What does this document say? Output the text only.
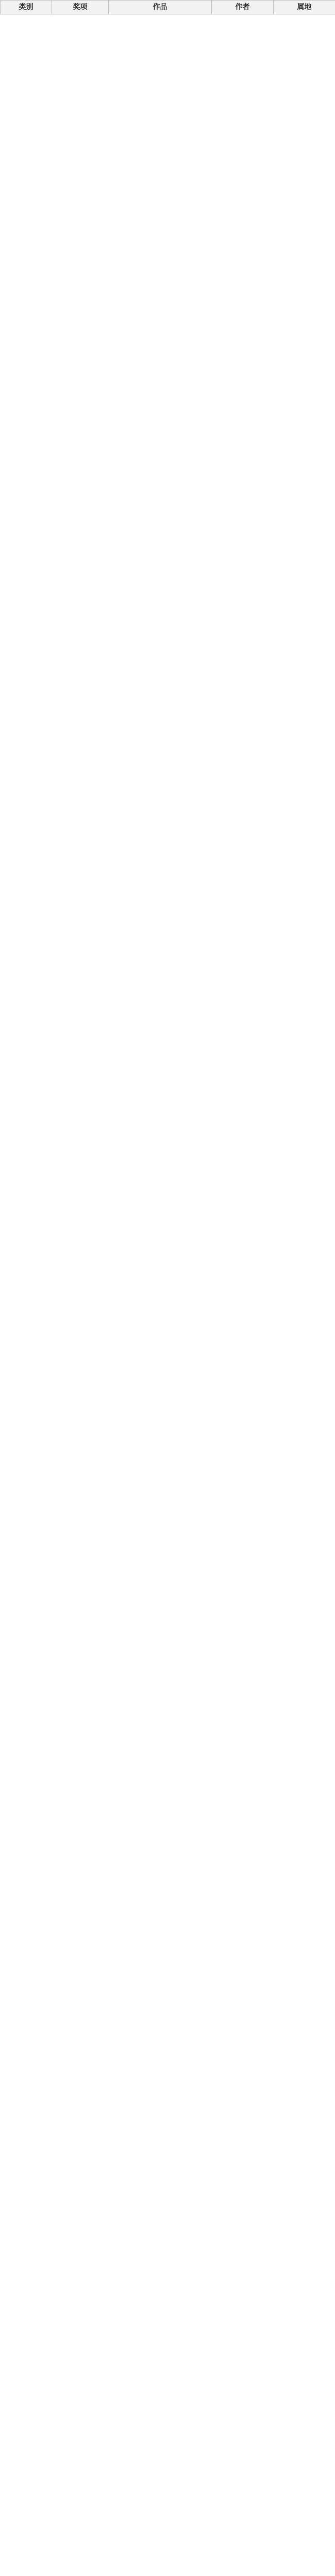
类别	奖项	作品	作者	属地
